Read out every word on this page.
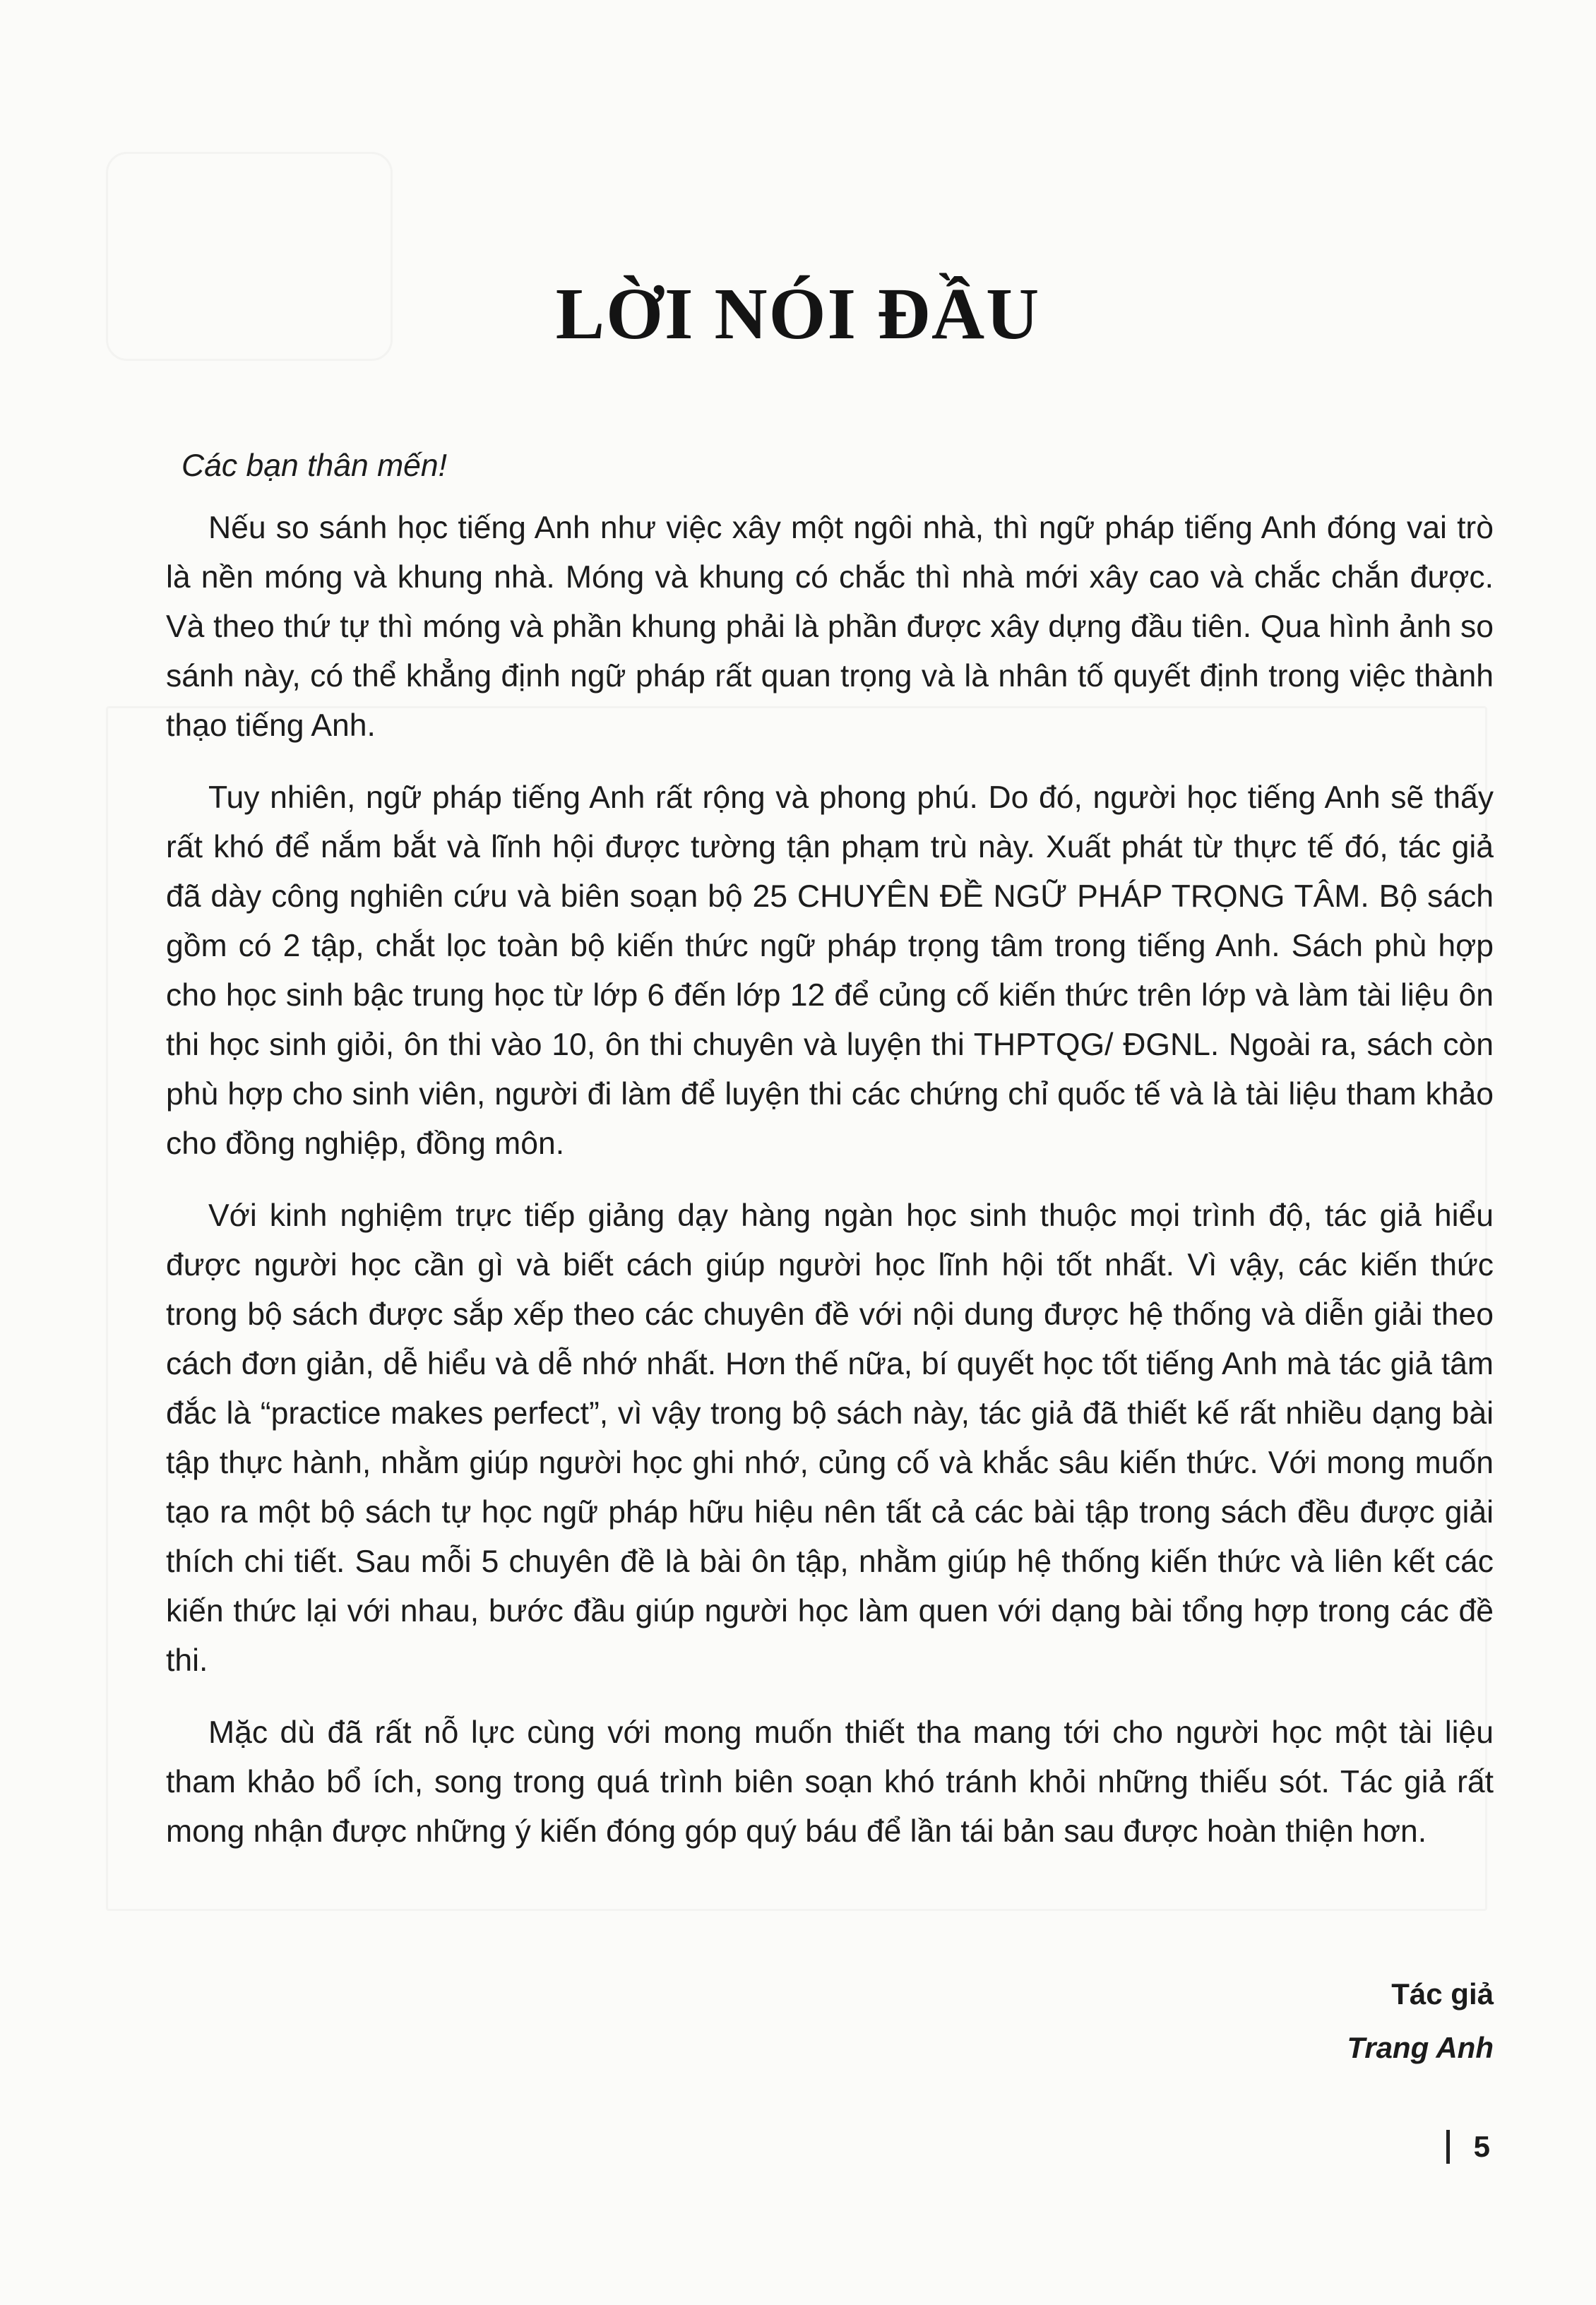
LỜI NÓI ĐẦU

Các bạn thân mến!

Nếu so sánh học tiếng Anh như việc xây một ngôi nhà, thì ngữ pháp tiếng Anh đóng vai trò là nền móng và khung nhà. Móng và khung có chắc thì nhà mới xây cao và chắc chắn được. Và theo thứ tự thì móng và phần khung phải là phần được xây dựng đầu tiên. Qua hình ảnh so sánh này, có thể khẳng định ngữ pháp rất quan trọng và là nhân tố quyết định trong việc thành thạo tiếng Anh.

Tuy nhiên, ngữ pháp tiếng Anh rất rộng và phong phú. Do đó, người học tiếng Anh sẽ thấy rất khó để nắm bắt và lĩnh hội được tường tận phạm trù này. Xuất phát từ thực tế đó, tác giả đã dày công nghiên cứu và biên soạn bộ 25 CHUYÊN ĐỀ NGỮ PHÁP TRỌNG TÂM. Bộ sách gồm có 2 tập, chắt lọc toàn bộ kiến thức ngữ pháp trọng tâm trong tiếng Anh. Sách phù hợp cho học sinh bậc trung học từ lớp 6 đến lớp 12 để củng cố kiến thức trên lớp và làm tài liệu ôn thi học sinh giỏi, ôn thi vào 10, ôn thi chuyên và luyện thi THPTQG/ ĐGNL. Ngoài ra, sách còn phù hợp cho sinh viên, người đi làm để luyện thi các chứng chỉ quốc tế và là tài liệu tham khảo cho đồng nghiệp, đồng môn.

Với kinh nghiệm trực tiếp giảng dạy hàng ngàn học sinh thuộc mọi trình độ, tác giả hiểu được người học cần gì và biết cách giúp người học lĩnh hội tốt nhất. Vì vậy, các kiến thức trong bộ sách được sắp xếp theo các chuyên đề với nội dung được hệ thống và diễn giải theo cách đơn giản, dễ hiểu và dễ nhớ nhất. Hơn thế nữa, bí quyết học tốt tiếng Anh mà tác giả tâm đắc là “practice makes perfect”, vì vậy trong bộ sách này, tác giả đã thiết kế rất nhiều dạng bài tập thực hành, nhằm giúp người học ghi nhớ, củng cố và khắc sâu kiến thức. Với mong muốn tạo ra một bộ sách tự học ngữ pháp hữu hiệu nên tất cả các bài tập trong sách đều được giải thích chi tiết. Sau mỗi 5 chuyên đề là bài ôn tập, nhằm giúp hệ thống kiến thức và liên kết các kiến thức lại với nhau, bước đầu giúp người học làm quen với dạng bài tổng hợp trong các đề thi.

Mặc dù đã rất nỗ lực cùng với mong muốn thiết tha mang tới cho người học một tài liệu tham khảo bổ ích, song trong quá trình biên soạn khó tránh khỏi những thiếu sót. Tác giả rất mong nhận được những ý kiến đóng góp quý báu để lần tái bản sau được hoàn thiện hơn.

Tác giả
Trang Anh
5
